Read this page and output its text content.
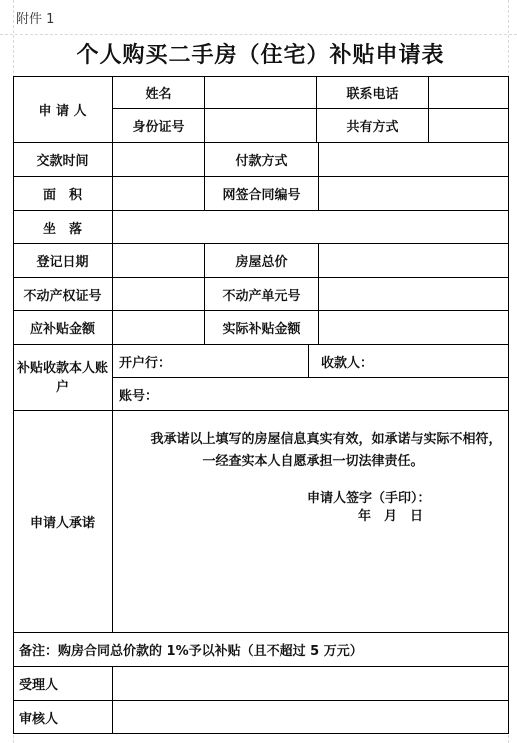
附件 1
个人购买二手房（住宅）补贴申请表
申 请 人
姓名	联系电话
身份证号	共有方式
交款时间	付款方式
面　积	网签合同编号
坐　落
登记日期	房屋总价
不动产权证号	不动产单元号
应补贴金额	实际补贴金额
补贴收款本人账户
开户行：	收款人：
账号：
申请人承诺
我承诺以上填写的房屋信息真实有效，如承诺与实际不相符，一经查实本人自愿承担一切法律责任。
申请人签字（手印）：
年　月　日
备注：购房合同总价款的 1%予以补贴（且不超过 5 万元）
受理人
审核人
